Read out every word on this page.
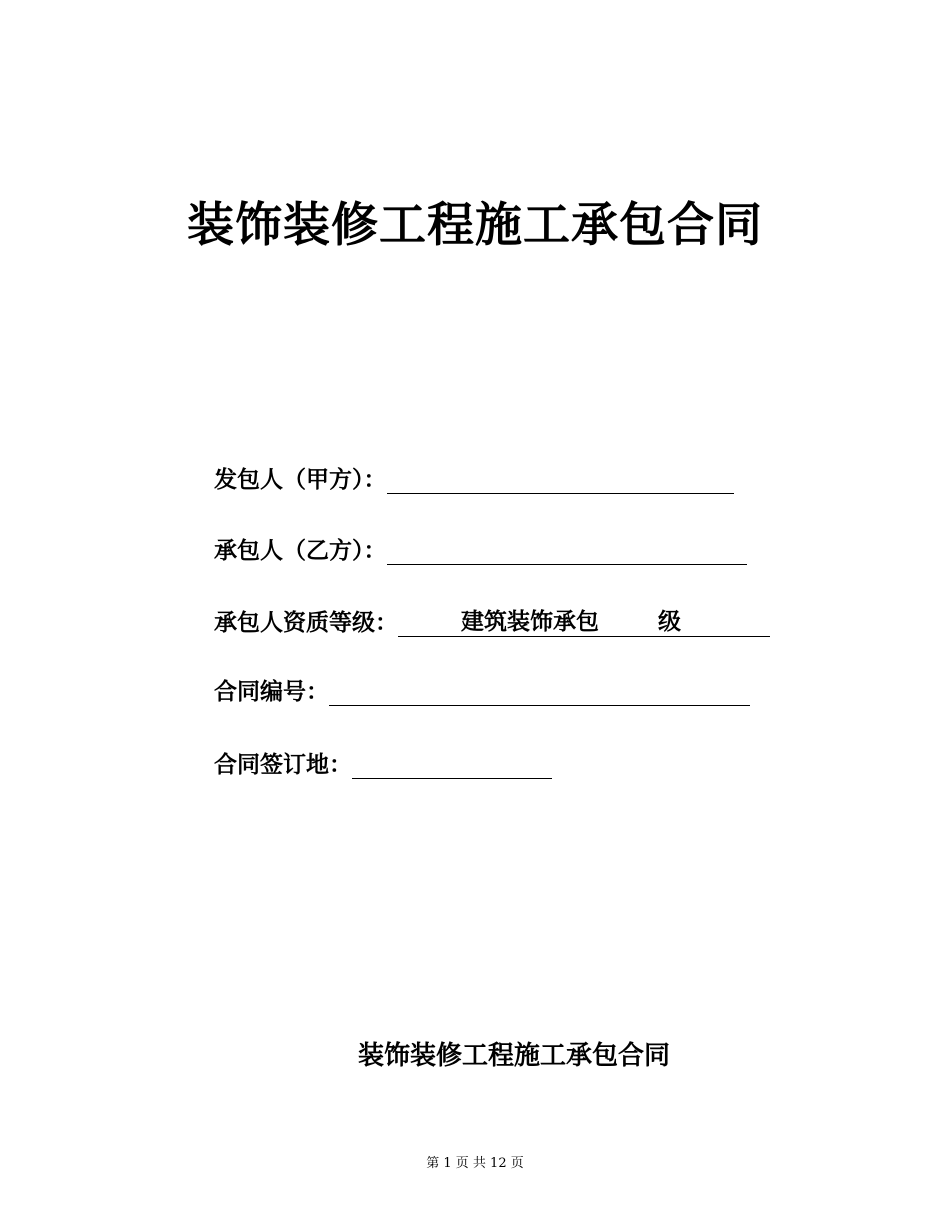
装饰装修工程施工承包合同
发包人（甲方）：
承包人（乙方）：
承包人资质等级：	建筑装饰承包	级
合同编号：
合同签订地：
装饰装修工程施工承包合同
第 1 页 共 12 页
